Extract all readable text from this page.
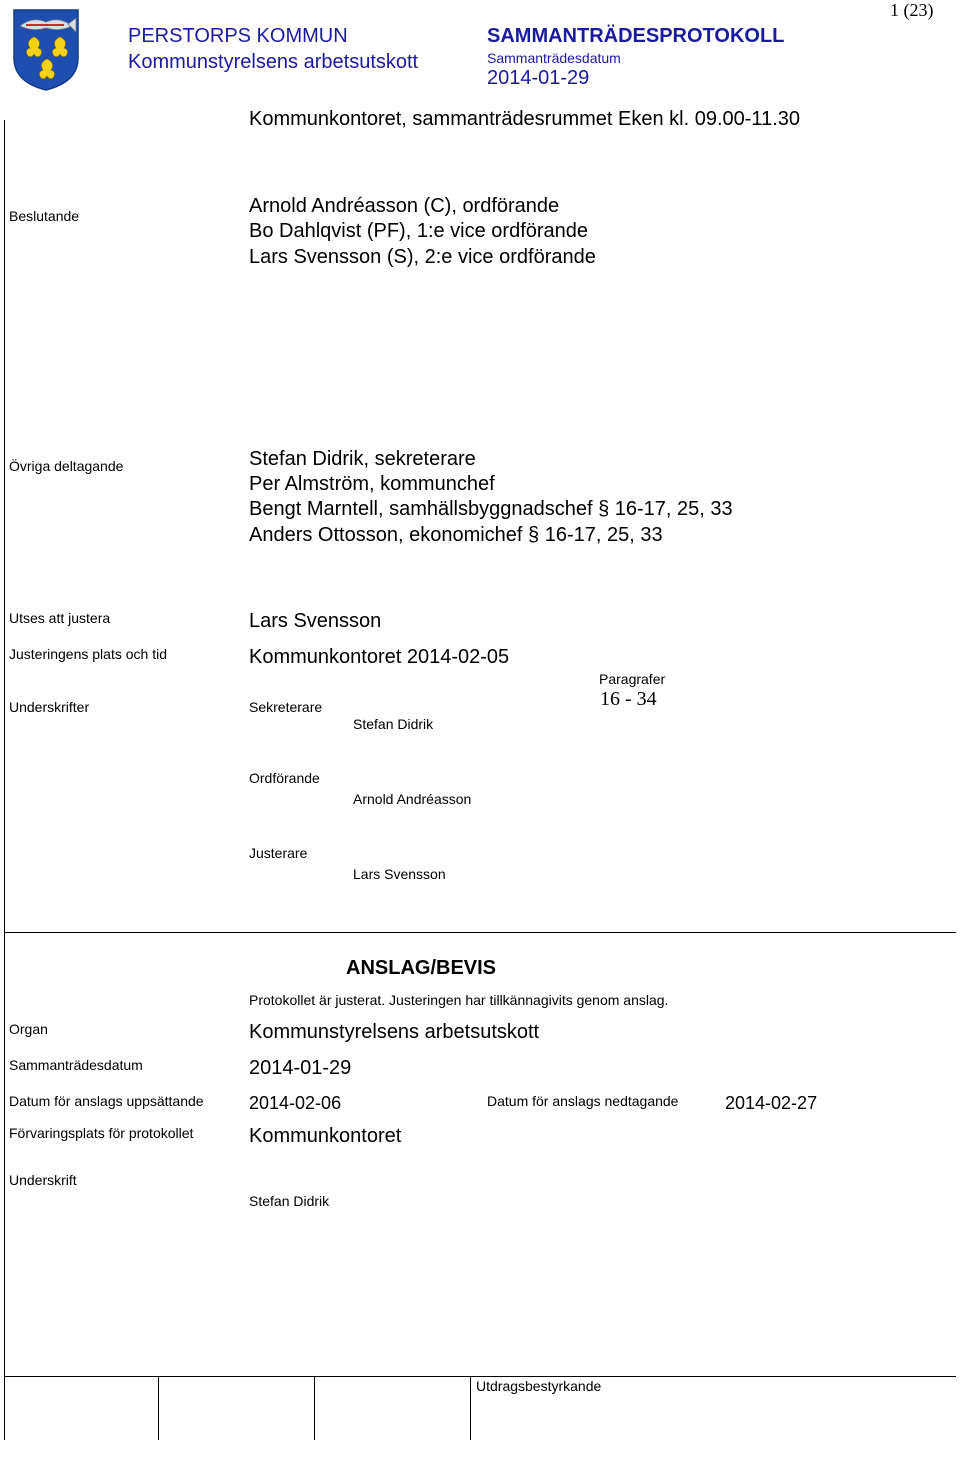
PERSTORPS KOMMUN
Kommunstyrelsens arbetsutskott
SAMMANTRÄDESPROTOKOLL
Sammanträdesdatum
2014-01-29
1 (23)
Kommunkontoret, sammanträdesrummet Eken kl. 09.00-11.30
Beslutande	Arnold Andréasson (C), ordförande
Bo Dahlqvist (PF), 1:e vice ordförande
Lars Svensson (S), 2:e vice ordförande
Övriga deltagande	Stefan Didrik, sekreterare
Per Almström, kommunchef
Bengt Marntell, samhällsbyggnadschef § 16-17, 25, 33
Anders Ottosson, ekonomichef § 16-17, 25, 33
Utses att justera	Lars Svensson
Justeringens plats och tid	Kommunkontoret 2014-02-05
Underskrifter
Paragrafer
16 - 34
Sekreterare
Stefan Didrik
Ordförande
Arnold Andréasson
Justerare
Lars Svensson
ANSLAG/BEVIS
Protokollet är justerat. Justeringen har tillkännagivits genom anslag.
Organ	Kommunstyrelsens arbetsutskott
Sammanträdesdatum	2014-01-29
Datum för anslags uppsättande	2014-02-06	Datum för anslags nedtagande	2014-02-27
Förvaringsplats för protokollet	Kommunkontoret
Underskrift
Stefan Didrik
Utdragsbestyrkande
